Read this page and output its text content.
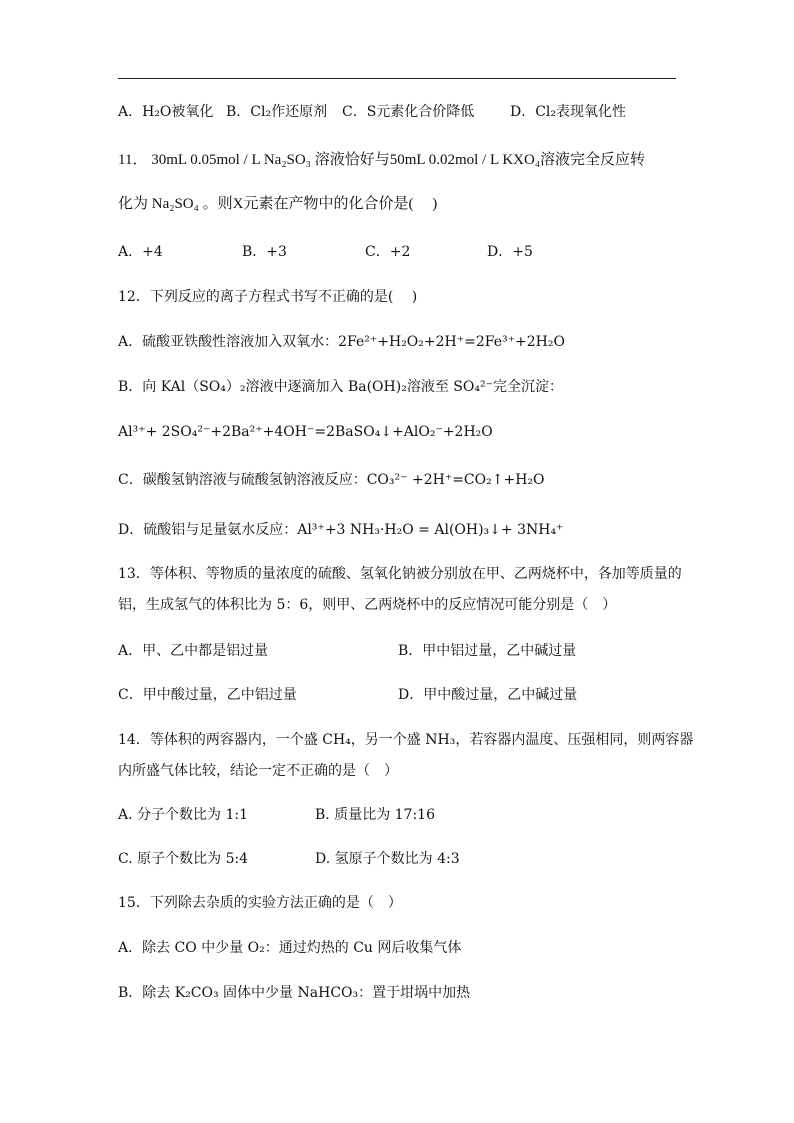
A．H₂O被氧化 B．Cl₂作还原剂 C．S元素化合价降低	D．Cl₂表现氧化性
11． 30mL 0.05mol / L Na₂SO₃ 溶液恰好与50mL 0.02mol / L KXO₄溶液完全反应转
化为 Na₂SO₄ 。则X元素在产物中的化合价是(　 )
A．+4	B．+3	C．+2	D．+5
12．下列反应的离子方程式书写不正确的是(　 )
A．硫酸亚铁酸性溶液加入双氧水：2Fe²⁺+H₂O₂+2H⁺=2Fe³⁺+2H₂O
B．向 KAl（SO₄）₂溶液中逐滴加入 Ba(OH)₂溶液至 SO₄²⁻完全沉淀：
Al³⁺+ 2SO₄²⁻+2Ba²⁺+4OH⁻=2BaSO₄↓+AlO₂⁻+2H₂O
C．碳酸氢钠溶液与硫酸氢钠溶液反应：CO₃²⁻ +2H⁺=CO₂↑+H₂O
D．硫酸铝与足量氨水反应：Al³⁺+3 NH₃·H₂O = Al(OH)₃↓+ 3NH₄⁺
13．等体积、等物质的量浓度的硫酸、氢氧化钠被分别放在甲、乙两烧杯中，各加等质量的
铝，生成氢气的体积比为 5：6，则甲、乙两烧杯中的反应情况可能分别是（　）
A．甲、乙中都是铝过量	B．甲中铝过量，乙中碱过量
C．甲中酸过量，乙中铝过量	D．甲中酸过量，乙中碱过量
14．等体积的两容器内，一个盛 CH₄，另一个盛 NH₃，若容器内温度、压强相同，则两容器
内所盛气体比较，结论一定不正确的是（　）
A. 分子个数比为 1:1	B. 质量比为 17:16
C. 原子个数比为 5:4	D. 氢原子个数比为 4:3
15．下列除去杂质的实验方法正确的是（　）
A．除去 CO 中少量 O₂：通过灼热的 Cu 网后收集气体
B．除去 K₂CO₃ 固体中少量 NaHCO₃：置于坩埚中加热
